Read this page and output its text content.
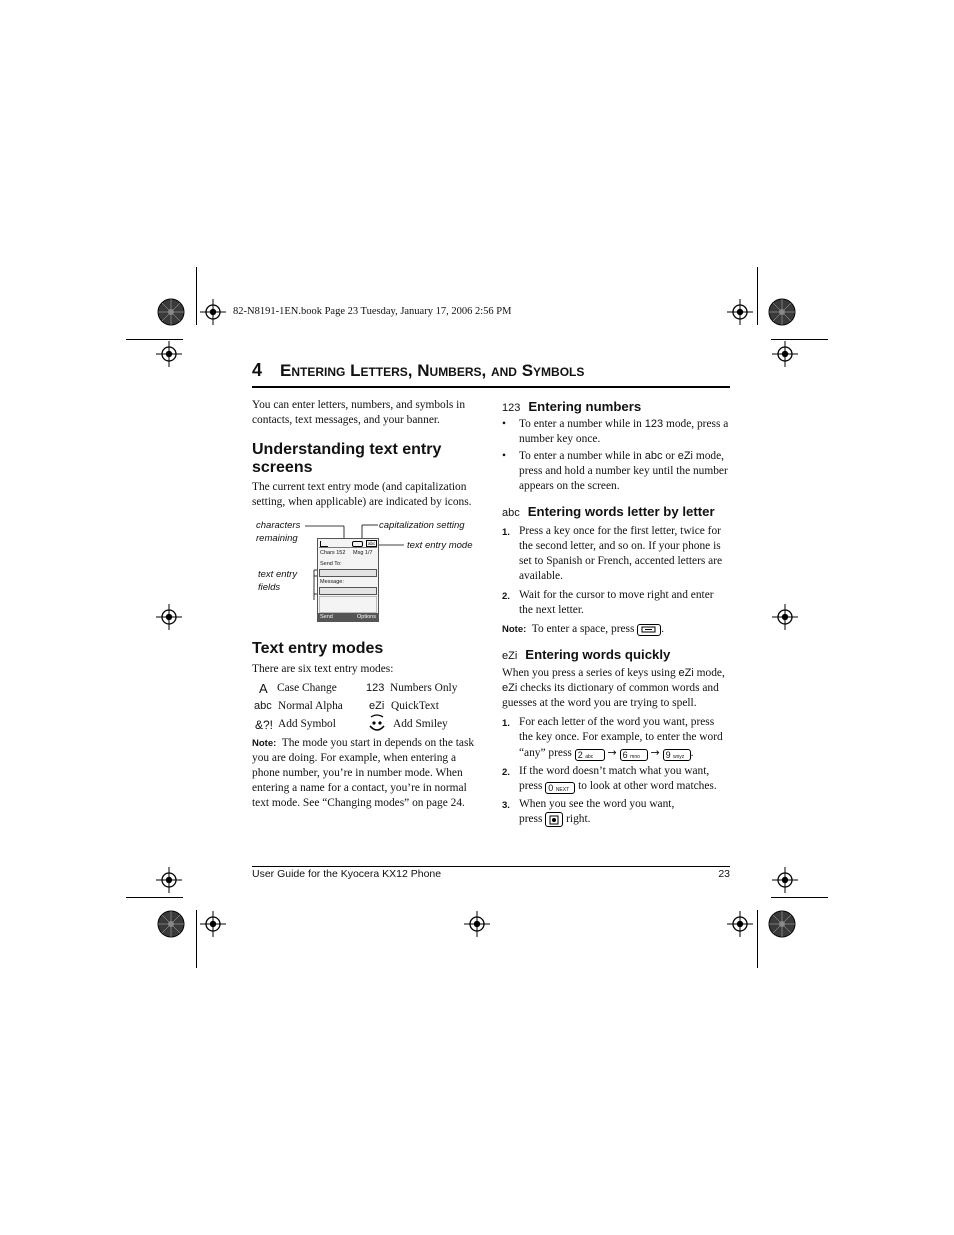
82-N8191-1EN.book Page 23 Tuesday, January 17, 2006 2:56 PM
4 Entering Letters, Numbers, and Symbols
You can enter letters, numbers, and symbols in contacts, text messages, and your banner.
Understanding text entry
screens
The current text entry mode (and capitalization setting, when applicable) are indicated by icons.
characters
remaining
capitalization setting
text entry mode
text entry
fields
abc
Chars 152 Msg 1/7
Send To:
Message:
Send	Options
Text entry modes
There are six text entry modes:
A Case Change	123 Numbers Only
abc Normal Alpha eZi QuickText
&?! Add Symbol	Add Smiley
Note: The mode you start in depends on the task you are doing. For example, when entering a phone number, you’re in number mode. When entering a name for a contact, you’re in normal text mode. See “Changing modes” on page 24.
123 Entering numbers
• To enter a number while in 123 mode, press a number key once.
• To enter a number while in abc or eZi mode, press and hold a number key until the number appears on the screen.
abc Entering words letter by letter
1. Press a key once for the first letter, twice for the second letter, and so on. If your phone is set to Spanish or French, accented letters are available.
2. Wait for the cursor to move right and enter the next letter.
Note: To enter a space, press .
eZi Entering words quickly
When you press a series of keys using eZi mode, eZi checks its dictionary of common words and guesses at the word you are trying to spell.
1. For each letter of the word you want, press the key once. For example, to enter the word “any” press 2 abc → 6 mno → 9 wxyz .
2. If the word doesn’t match what you want, press 0 NEXT to look at other word matches.
3. When you see the word you want,
press right.
User Guide for the Kyocera KX12 Phone	23
